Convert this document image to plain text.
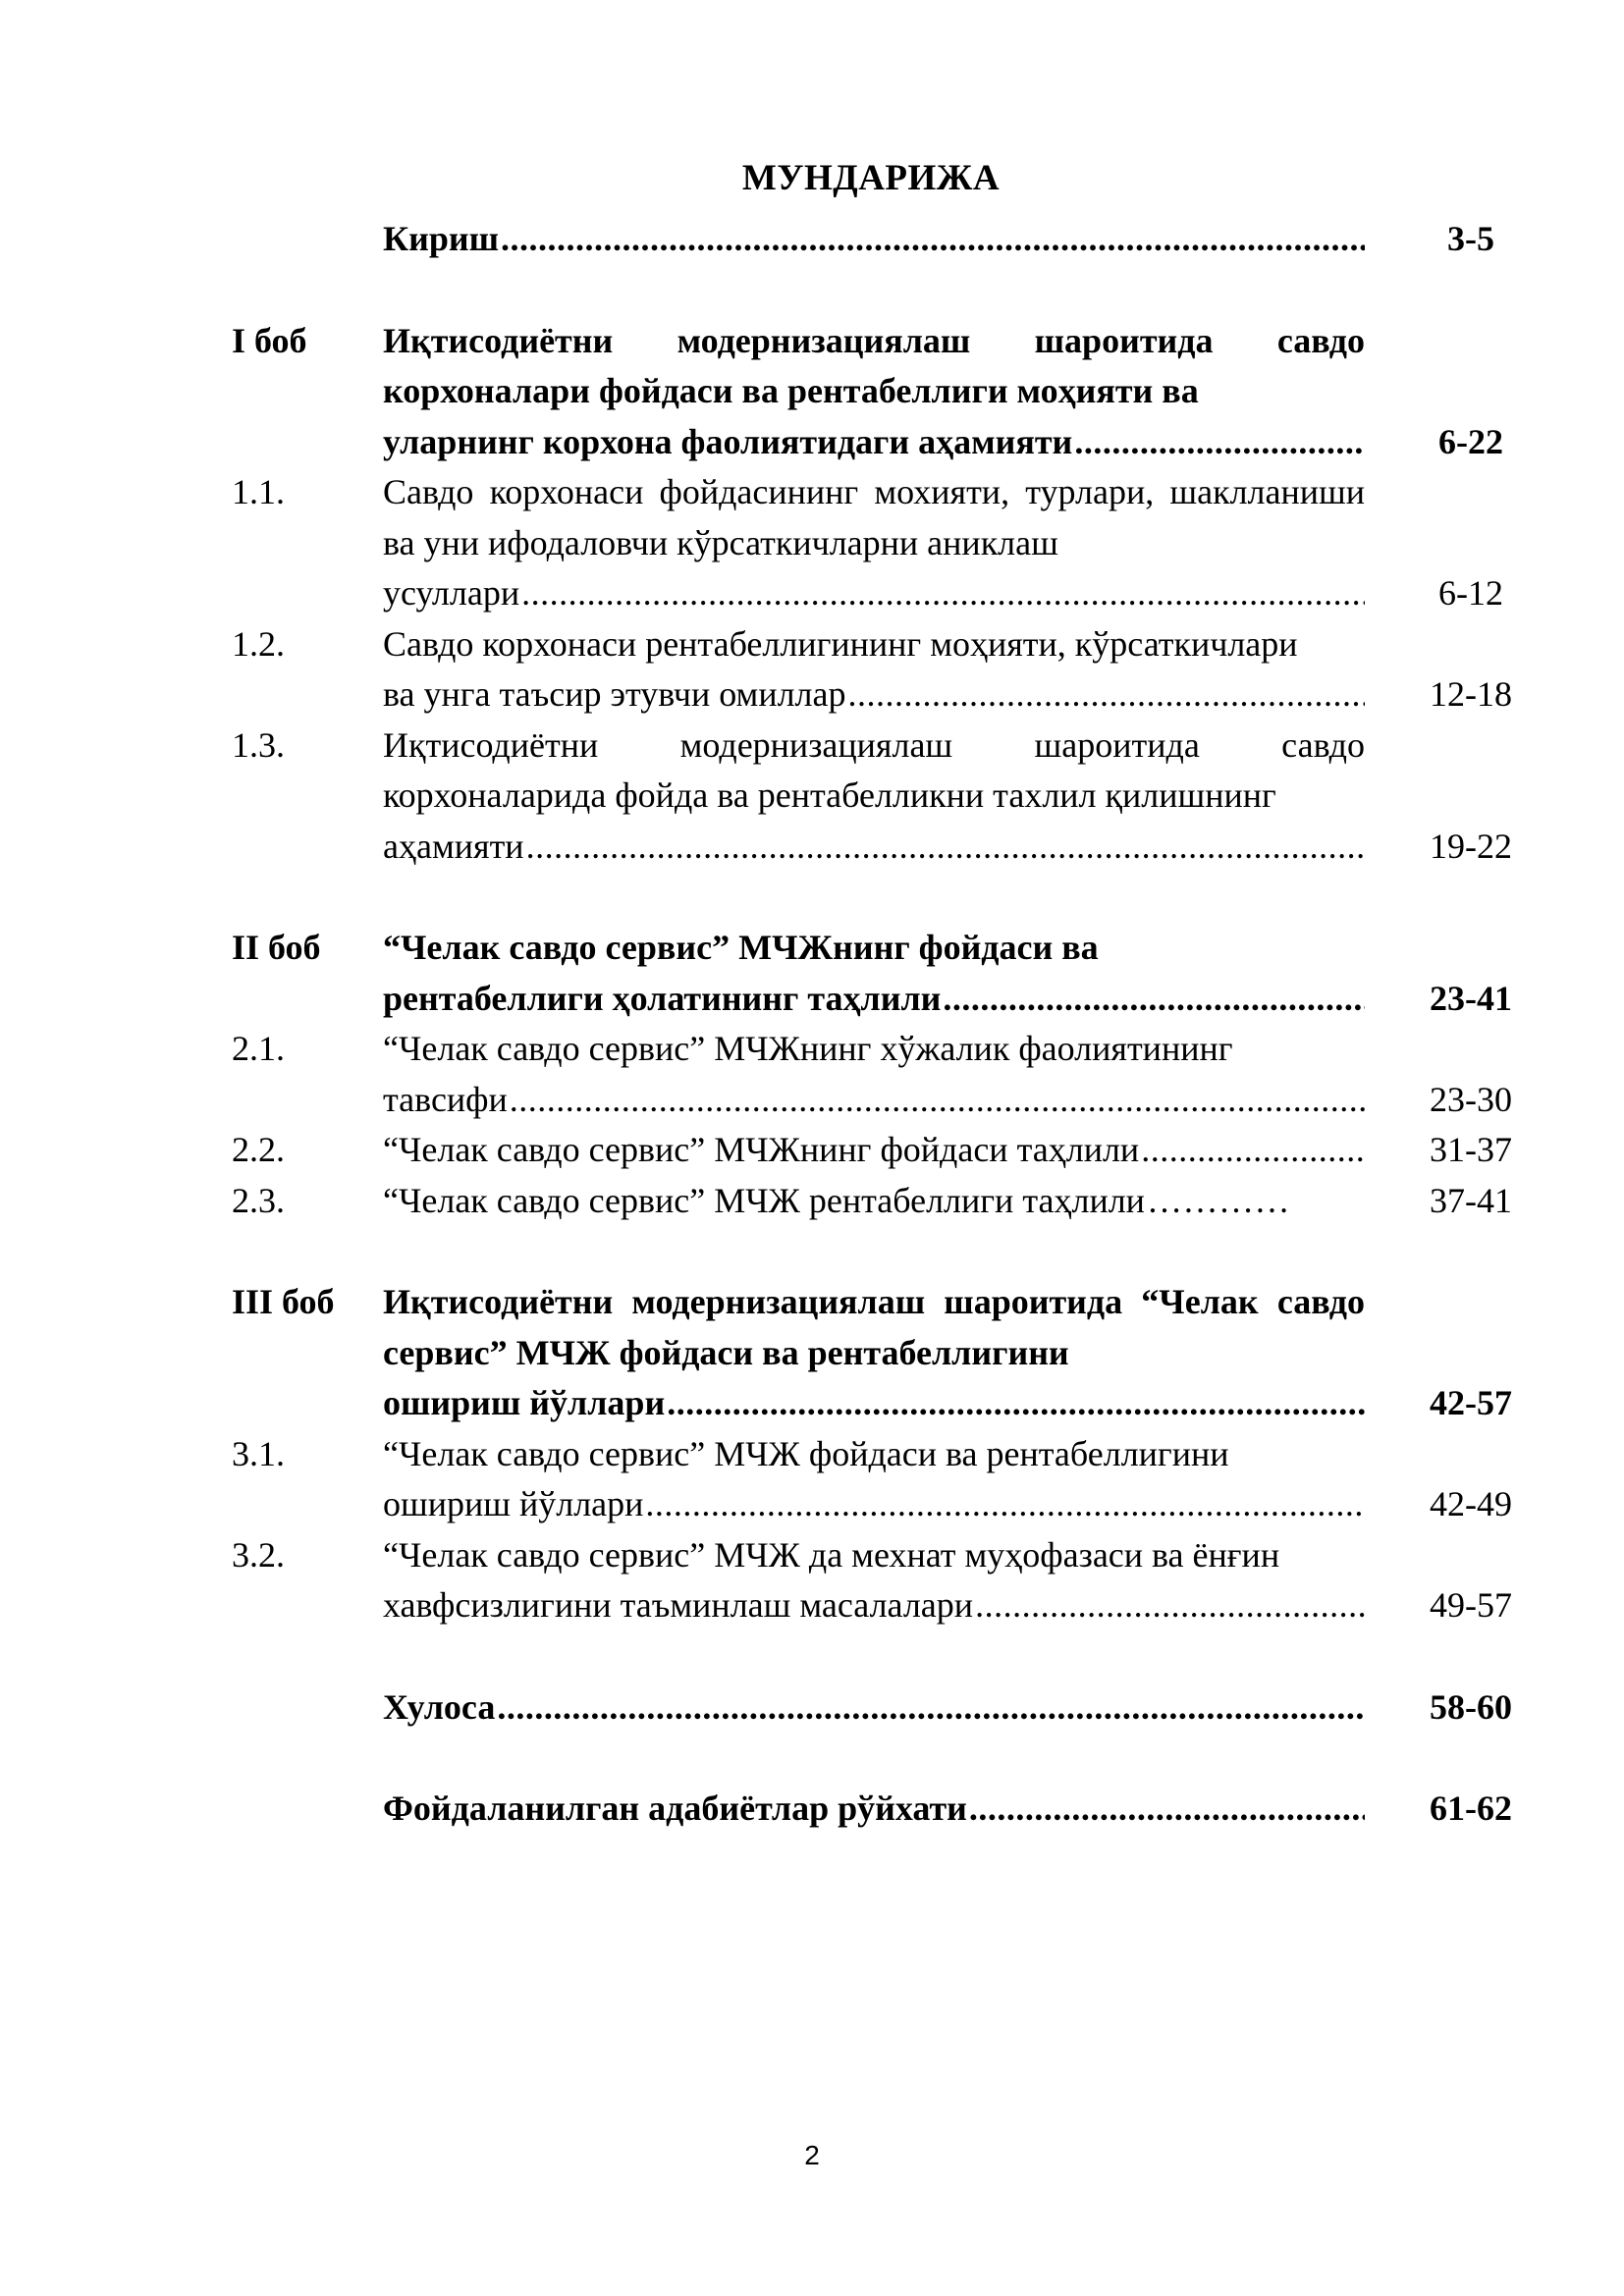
МУНДАРИЖА
Кириш .....	3-5
I боб	Иқтисодиётни модернизациялаш шароитида савдо корхоналари фойдаси ва рентабеллиги моҳияти ва
уларнинг корхона фаолиятидаги аҳамияти .....	6-22
1.1.	Савдо корхонаси фойдасининг мохияти, турлари, шаклланиши ва уни ифодаловчи кўрсаткичларни аниклаш
усуллари .....	6-12
1.2.	Савдо корхонаси рентабеллигининг моҳияти, кўрсаткичлари
ва унга таъсир этувчи омиллар .....	12-18
1.3.	Иқтисодиётни модернизациялаш шароитида савдо корхоналарида фойда ва рентабелликни тахлил қилишнинг
аҳамияти .....	19-22
II боб	“Челак савдо сервис” МЧЖнинг фойдаси ва
рентабеллиги ҳолатининг таҳлили .....	23-41
2.1.	“Челак савдо сервис” МЧЖнинг хўжалик фаолиятининг
тавсифи .....	23-30
2.2.	“Челак савдо сервис” МЧЖнинг фойдаси таҳлили .....	31-37
2.3.	“Челак савдо сервис” МЧЖ рентабеллиги таҳлили …………	37-41
III боб	Иқтисодиётни модернизациялаш шароитида “Челак савдо сервис” МЧЖ фойдаси ва рентабеллигини
ошириш йўллари .....	42-57
3.1.	“Челак савдо сервис” МЧЖ фойдаси ва рентабеллигини
ошириш йўллари .....	42-49
3.2.	“Челак савдо сервис” МЧЖ да мехнат муҳофазаси ва ёнғин
хавфсизлигини таъминлаш масалалари .....	49-57
Хулоса .....	58-60
Фойдаланилган адабиётлар рўйхати .....	61-62
2
